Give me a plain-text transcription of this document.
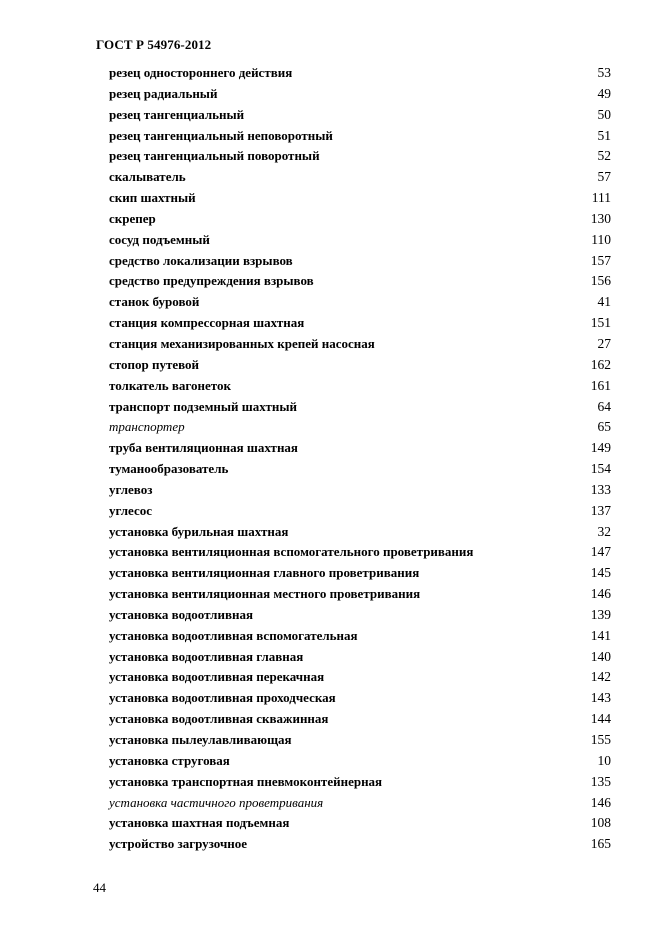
ГОСТ Р 54976-2012
резец одностороннего действия	53
резец радиальный	49
резец тангенциальный	50
резец тангенциальный неповоротный	51
резец тангенциальный поворотный	52
скалыватель	57
скип шахтный	111
скрепер	130
сосуд подъемный	110
средство локализации взрывов	157
средство предупреждения взрывов	156
станок буровой	41
станция компрессорная шахтная	151
станция механизированных крепей насосная	27
стопор путевой	162
толкатель вагонеток	161
транспорт подземный шахтный	64
транспортер	65
труба вентиляционная шахтная	149
туманообразователь	154
углевоз	133
углесос	137
установка бурильная шахтная	32
установка вентиляционная вспомогательного проветривания	147
установка вентиляционная главного проветривания	145
установка вентиляционная местного проветривания	146
установка водоотливная	139
установка водоотливная вспомогательная	141
установка водоотливная главная	140
установка водоотливная перекачная	142
установка водоотливная проходческая	143
установка водоотливная скважинная	144
установка пылеулавливающая	155
установка струговая	10
установка транспортная пневмоконтейнерная	135
установка частичного проветривания	146
установка шахтная подъемная	108
устройство загрузочное	165
44
